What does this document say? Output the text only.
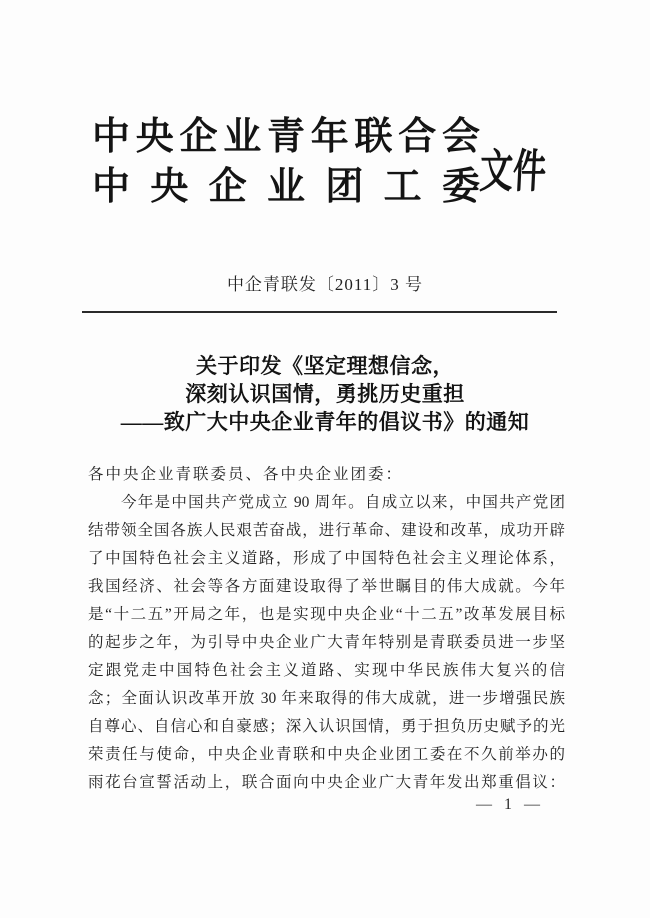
中央企业青年联合会
中央企业团工委
文件
中企青联发〔2011〕3 号
关于印发《坚定理想信念，
深刻认识国情，勇挑历史重担
——致广大中央企业青年的倡议书》的通知
各中央企业青联委员、各中央企业团委：
今年是中国共产党成立 90 周年。自成立以来，中国共产党团
结带领全国各族人民艰苦奋战，进行革命、建设和改革，成功开辟
了中国特色社会主义道路，形成了中国特色社会主义理论体系，
我国经济、社会等各方面建设取得了举世瞩目的伟大成就。今年
是“十二五”开局之年，也是实现中央企业“十二五”改革发展目标
的起步之年，为引导中央企业广大青年特别是青联委员进一步坚
定跟党走中国特色社会主义道路、实现中华民族伟大复兴的信
念；全面认识改革开放 30 年来取得的伟大成就，进一步增强民族
自尊心、自信心和自豪感；深入认识国情，勇于担负历史赋予的光
荣责任与使命，中央企业青联和中央企业团工委在不久前举办的
雨花台宣誓活动上，联合面向中央企业广大青年发出郑重倡议：
— 1 —
